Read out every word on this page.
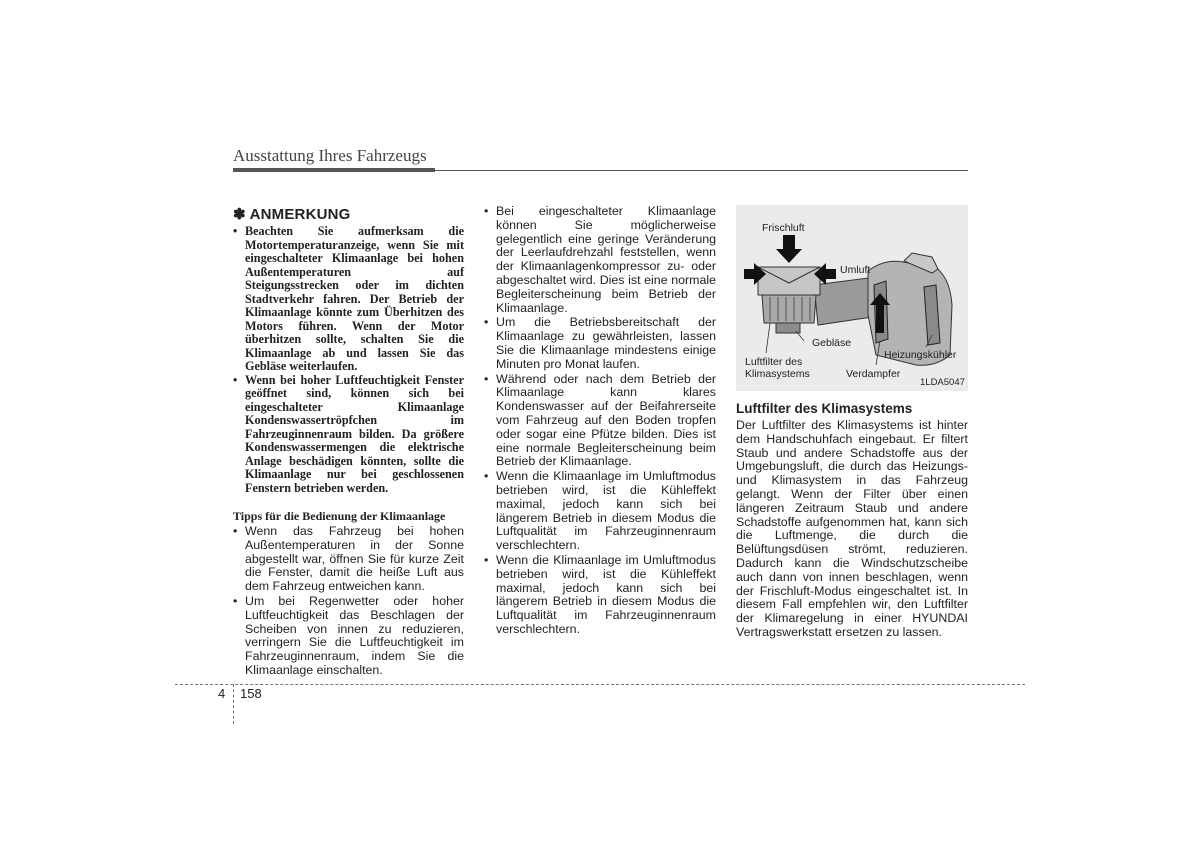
Ausstattung Ihres Fahrzeugs
✽ ANMERKUNG
• Beachten Sie aufmerksam die Motortemperaturanzeige, wenn Sie mit eingeschalteter Klimaanlage bei hohen Außentemperaturen auf Steigungsstrecken oder im dichten Stadtverkehr fahren. Der Betrieb der Klimaanlage könnte zum Überhitzen des Motors führen. Wenn der Motor überhitzen sollte, schalten Sie die Klimaanlage ab und lassen Sie das Gebläse weiterlaufen.
• Wenn bei hoher Luftfeuchtigkeit Fenster geöffnet sind, können sich bei eingeschalteter Klimaanlage Kondenswassertröpfchen im Fahrzeuginnenraum bilden. Da größere Kondenswassermengen die elektrische Anlage beschädigen könnten, sollte die Klimaanlage nur bei geschlossenen Fenstern betrieben werden.
Tipps für die Bedienung der Klimaanlage
• Wenn das Fahrzeug bei hohen Außentemperaturen in der Sonne abgestellt war, öffnen Sie für kurze Zeit die Fenster, damit die heiße Luft aus dem Fahrzeug entweichen kann.
• Um bei Regenwetter oder hoher Luftfeuchtigkeit das Beschlagen der Scheiben von innen zu reduzieren, verringern Sie die Luftfeuchtigkeit im Fahrzeuginnenraum, indem Sie die Klimaanlage einschalten.
• Bei eingeschalteter Klimaanlage können Sie möglicherweise gelegentlich eine geringe Veränderung der Leerlaufdrehzahl feststellen, wenn der Klimaanlagenkompressor zu- oder abgeschaltet wird. Dies ist eine normale Begleiterscheinung beim Betrieb der Klimaanlage.
• Um die Betriebsbereitschaft der Klimaanlage zu gewährleisten, lassen Sie die Klimaanlage mindestens einige Minuten pro Monat laufen.
• Während oder nach dem Betrieb der Klimaanlage kann klares Kondenswasser auf der Beifahrerseite vom Fahrzeug auf den Boden tropfen oder sogar eine Pfütze bilden. Dies ist eine normale Begleiterscheinung beim Betrieb der Klimaanlage.
• Wenn die Klimaanlage im Umluftmodus betrieben wird, ist die Kühleffekt maximal, jedoch kann sich bei längerem Betrieb in diesem Modus die Luftqualität im Fahrzeuginnenraum verschlechtern.
• Wenn die Klimaanlage im Umluftmodus betrieben wird, ist die Kühleffekt maximal, jedoch kann sich bei längerem Betrieb in diesem Modus die Luftqualität im Fahrzeuginnenraum verschlechtern.
Frischluft
Umluft
Gebläse
Luftfilter des Klimasystems
Heizungskühler
Verdampfer
1LDA5047
Luftfilter des Klimasystems

Der Luftfilter des Klimasystems ist hinter dem Handschuhfach eingebaut. Er filtert Staub und andere Schadstoffe aus der Umgebungsluft, die durch das Heizungs- und Klimasystem in das Fahrzeug gelangt. Wenn der Filter über einen längeren Zeitraum Staub und andere Schadstoffe aufgenommen hat, kann sich die Luftmenge, die durch die Belüftungsdüsen strömt, reduzieren. Dadurch kann die Windschutzscheibe auch dann von innen beschlagen, wenn der Frischluft-Modus eingeschaltet ist. In diesem Fall empfehlen wir, den Luftfilter der Klimaregelung in einer HYUNDAI Vertragswerkstatt ersetzen zu lassen.

4 158
